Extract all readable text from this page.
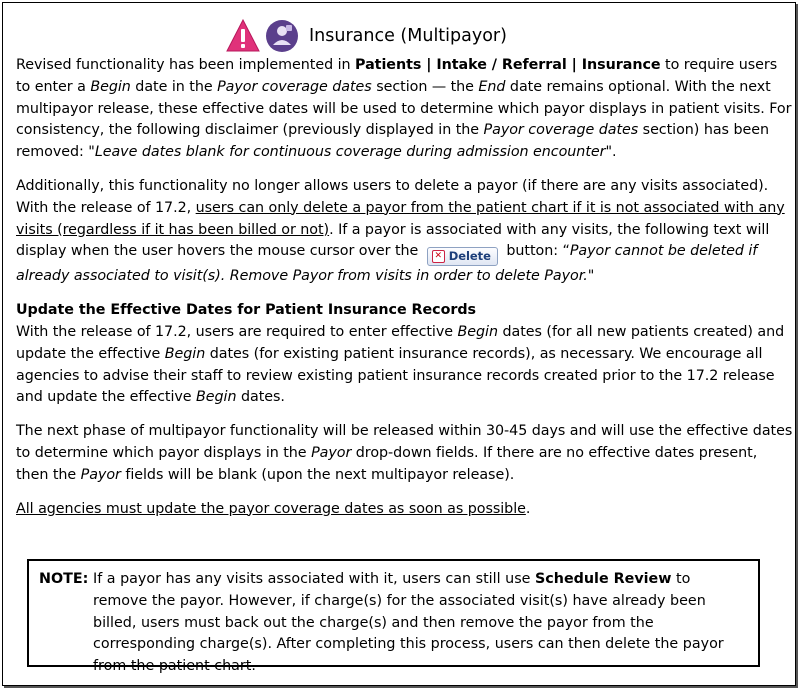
Insurance (Multipayor)

Revised functionality has been implemented in Patients | Intake / Referral | Insurance to require users to enter a Begin date in the Payor coverage dates section — the End date remains optional. With the next multipayor release, these effective dates will be used to determine which payor displays in patient visits. For consistency, the following disclaimer (previously displayed in the Payor coverage dates section) has been removed: "Leave dates blank for continuous coverage during admission encounter".

Additionally, this functionality no longer allows users to delete a payor (if there are any visits associated). With the release of 17.2, users can only delete a payor from the patient chart if it is not associated with any visits (regardless if it has been billed or not). If a payor is associated with any visits, the following text will display when the user hovers the mouse cursor over the	✕ Delete button: “Payor cannot be deleted if already associated to visit(s). Remove Payor from visits in order to delete Payor."

Update the Effective Dates for Patient Insurance Records

With the release of 17.2, users are required to enter effective Begin dates (for all new patients created) and update the effective Begin dates (for existing patient insurance records), as necessary. We encourage all agencies to advise their staff to review existing patient insurance records created prior to the 17.2 release and update the effective Begin dates.

The next phase of multipayor functionality will be released within 30-45 days and will use the effective dates to determine which payor displays in the Payor drop-down fields. If there are no effective dates present, then the Payor fields will be blank (upon the next multipayor release).

All agencies must update the payor coverage dates as soon as possible.

NOTE: If a payor has any visits associated with it, users can still use Schedule Review to remove the payor. However, if charge(s) for the associated visit(s) have already been billed, users must back out the charge(s) and then remove the payor from the corresponding charge(s). After completing this process, users can then delete the payor from the patient chart.
